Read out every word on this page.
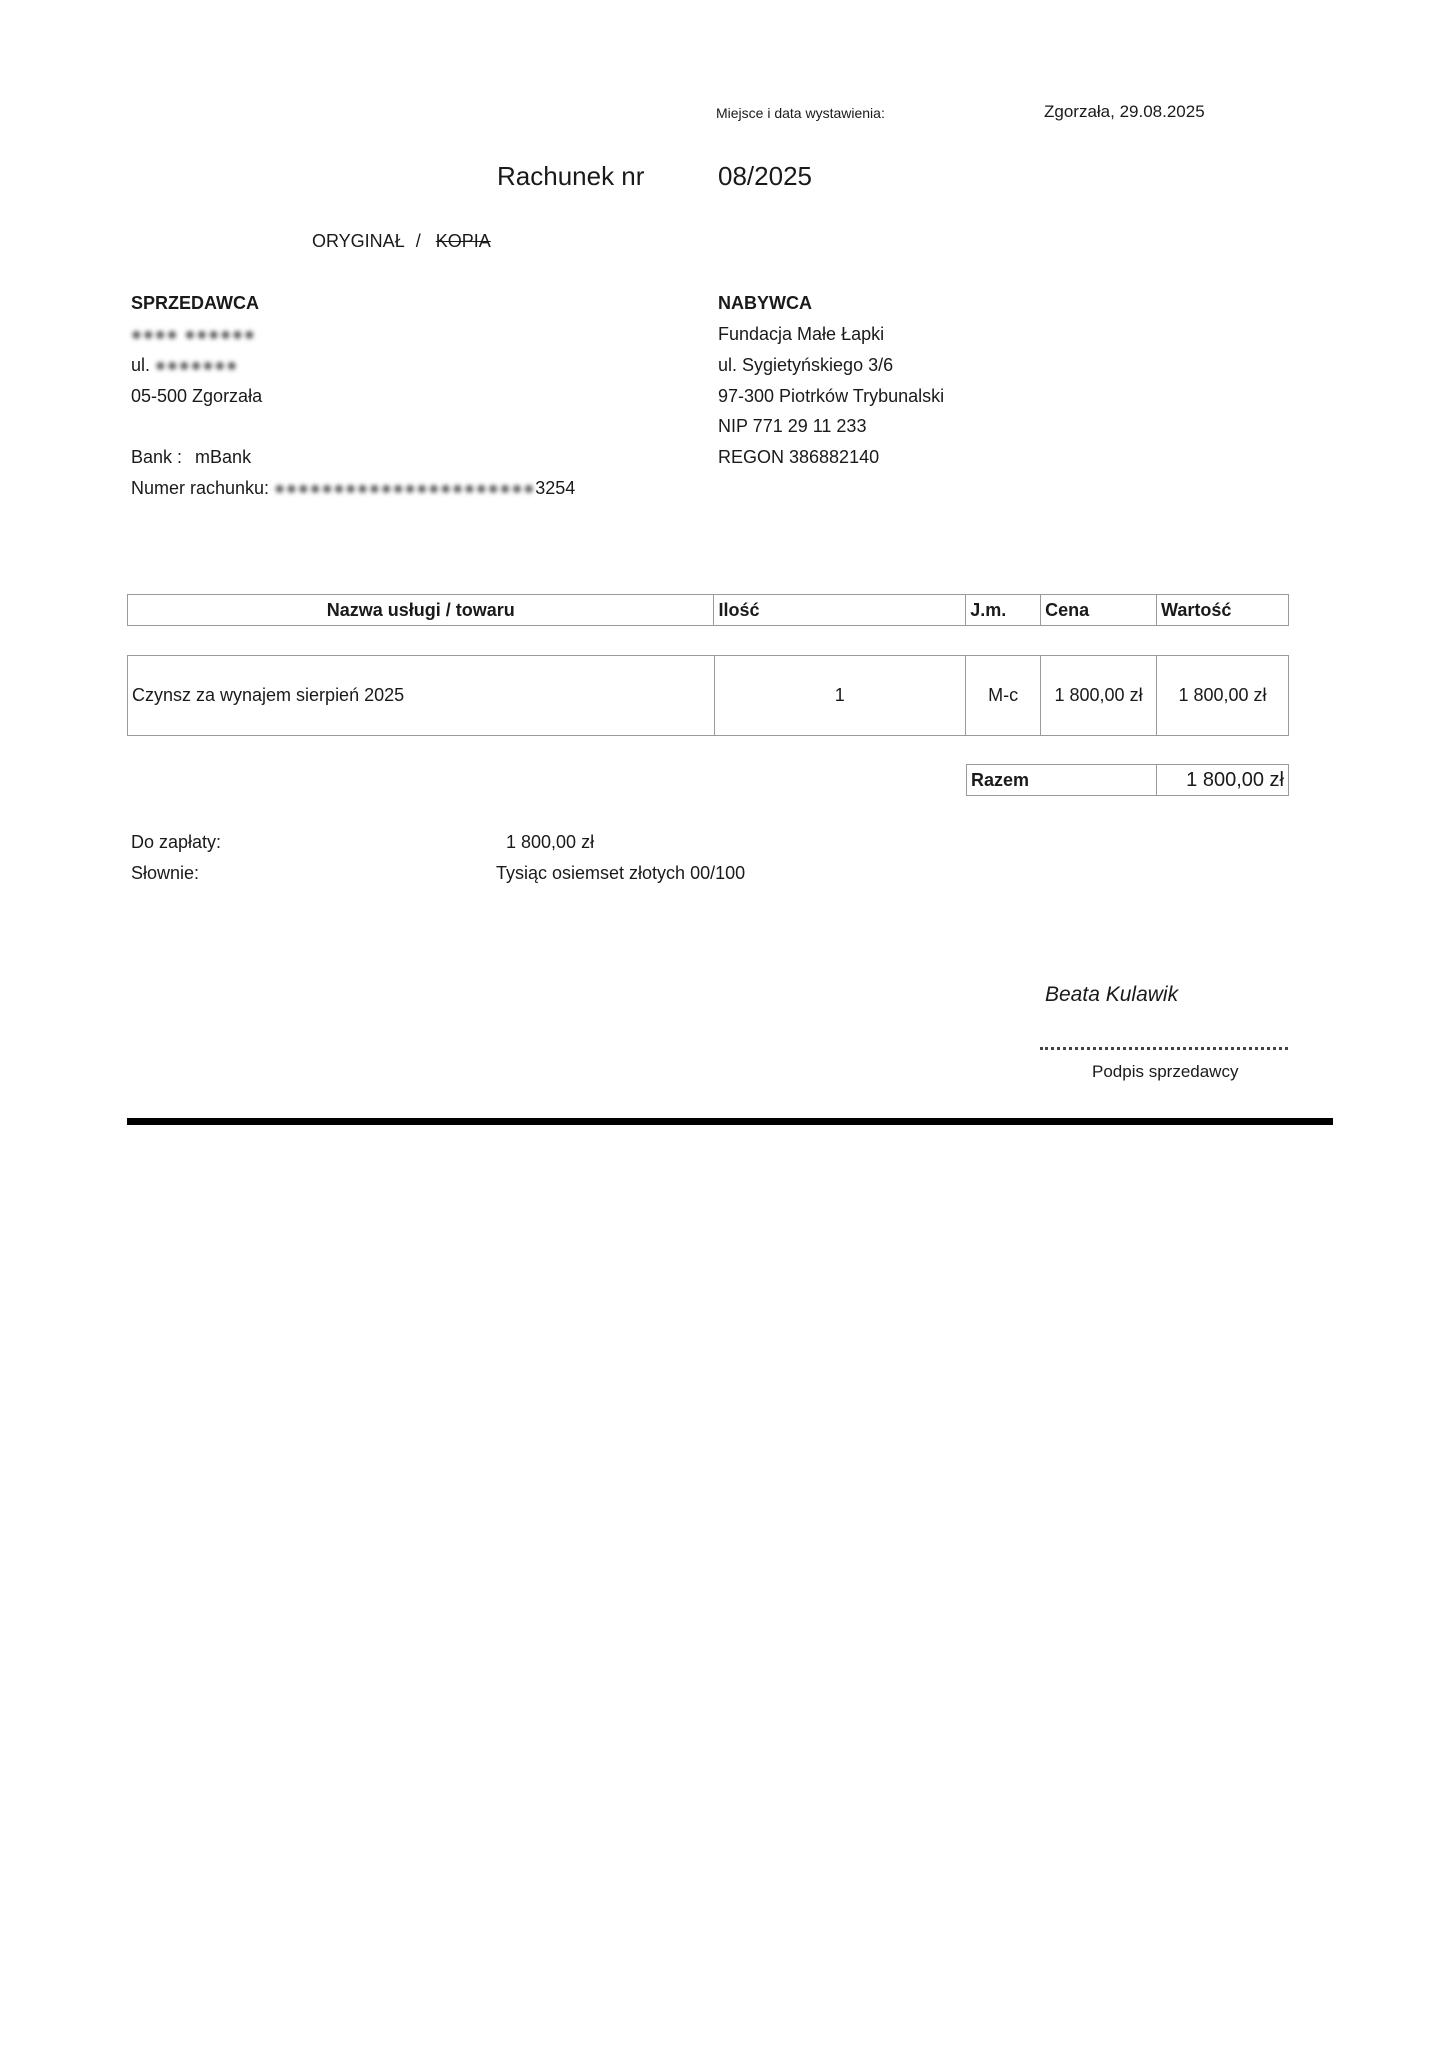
Miejsce i data wystawienia:	Zgorzała, 29.08.2025
Rachunek nr	08/2025
ORYGINAŁ / KOPIA
SPRZEDAWCA
●●●● ●●●●●●
ul. ●●●●●●●
05-500 Zgorzała
Bank : mBank
Numer rachunku: ●●●●●●●●●●●●●●●●●●●●●●3254
NABYWCA
Fundacja Małe Łapki
ul. Sygietyńskiego 3/6
97-300 Piotrków Trybunalski
NIP 771 29 11 233
REGON 386882140
Nazwa usługi / towaru	Ilość	J.m.	Cena	Wartość
Czynsz za wynajem sierpień 2025	1	M-c	1 800,00 zł	1 800,00 zł
Razem	1 800,00 zł
Do zapłaty:	1 800,00 zł
Słownie:	Tysiąc osiemset złotych 00/100
Beata Kulawik
Podpis sprzedawcy
